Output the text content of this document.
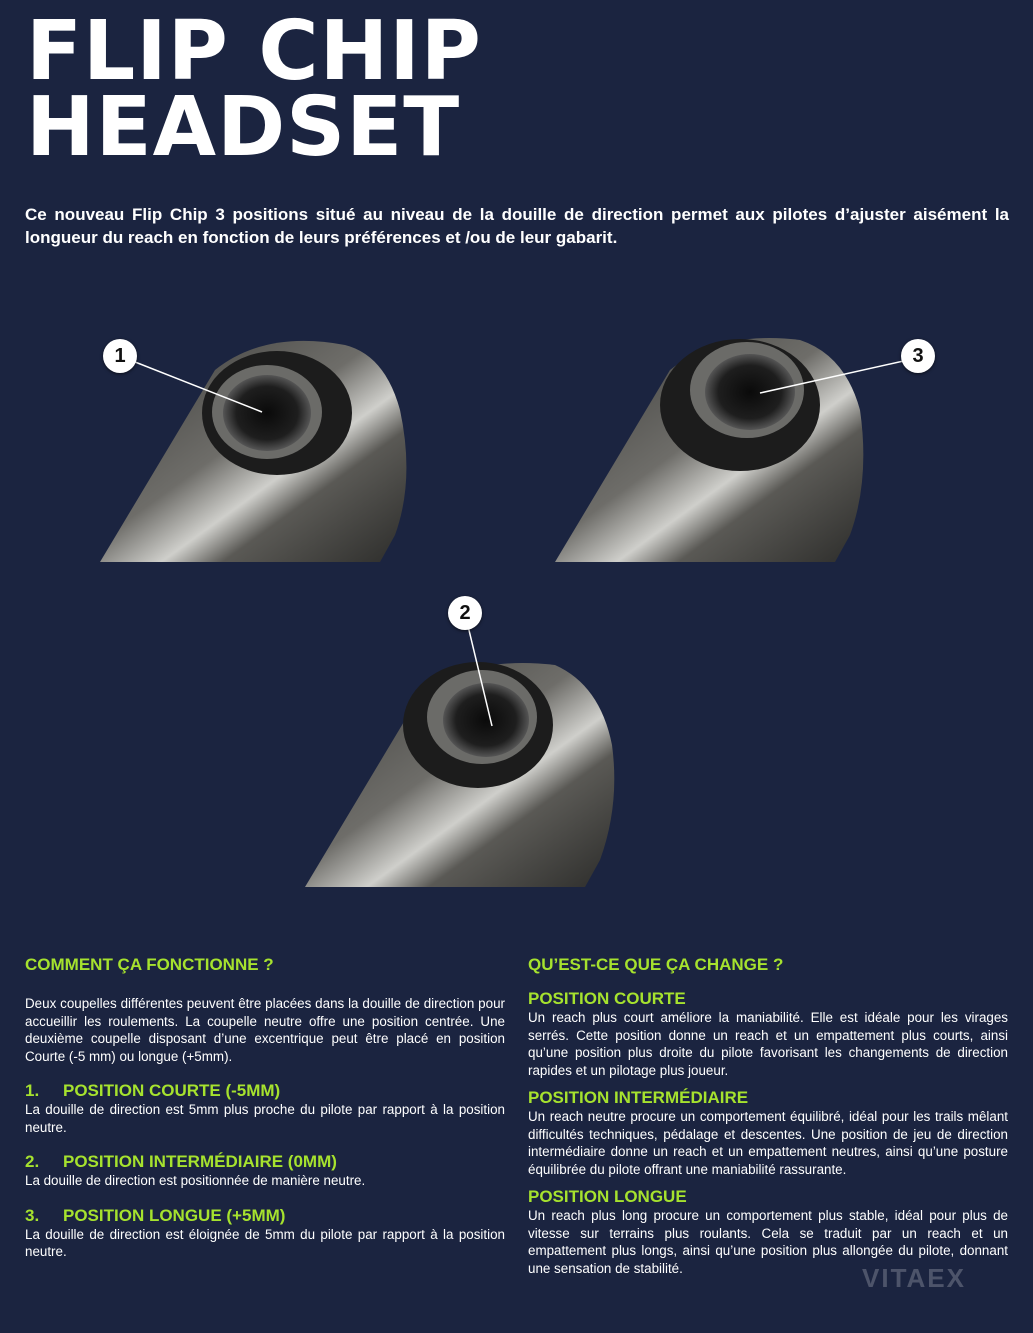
FLIP CHIP
HEADSET

Ce nouveau Flip Chip 3 positions situé au niveau de la douille de direction permet aux pilotes d’ajuster aisément la longueur du reach en fonction de leurs préférences et /ou de leur gabarit.

1	3
2
COMMENT ÇA FONCTIONNE ?

Deux coupelles différentes peuvent être placées dans la douille de direction pour accueillir les roulements. La coupelle neutre offre une position centrée. Une deuxième coupelle disposant d’une excentrique peut être placé en position Courte (-5 mm) ou longue (+5mm).

1.	POSITION COURTE (-5MM)

La douille de direction est 5mm plus proche du pilote par rapport à la position neutre.

2.	POSITION INTERMÉDIAIRE (0MM)

La douille de direction est positionnée de manière neutre.

3.	POSITION LONGUE (+5MM)

La douille de direction est éloignée de 5mm du pilote par rapport à la position neutre.

QU’EST-CE QUE ÇA CHANGE ?

POSITION COURTE

Un reach plus court améliore la maniabilité. Elle est idéale pour les virages serrés. Cette position donne un reach et un empattement plus courts, ainsi qu’une position plus droite du pilote favorisant les changements de direction rapides et un pilotage plus joueur.

POSITION INTERMÉDIAIRE

Un reach neutre procure un comportement équilibré, idéal pour les trails mêlant difficultés techniques, pédalage et descentes. Une position de jeu de direction intermédiaire donne un reach et un empattement neutres, ainsi qu’une posture équilibrée du pilote offrant une maniabilité rassurante.

POSITION LONGUE

Un reach plus long procure un comportement plus stable, idéal pour plus de vitesse sur terrains plus roulants. Cela se traduit par un reach et un empattement plus longs, ainsi qu’une position plus allongée du pilote, donnant une sensation de stabilité.	VITAEX
